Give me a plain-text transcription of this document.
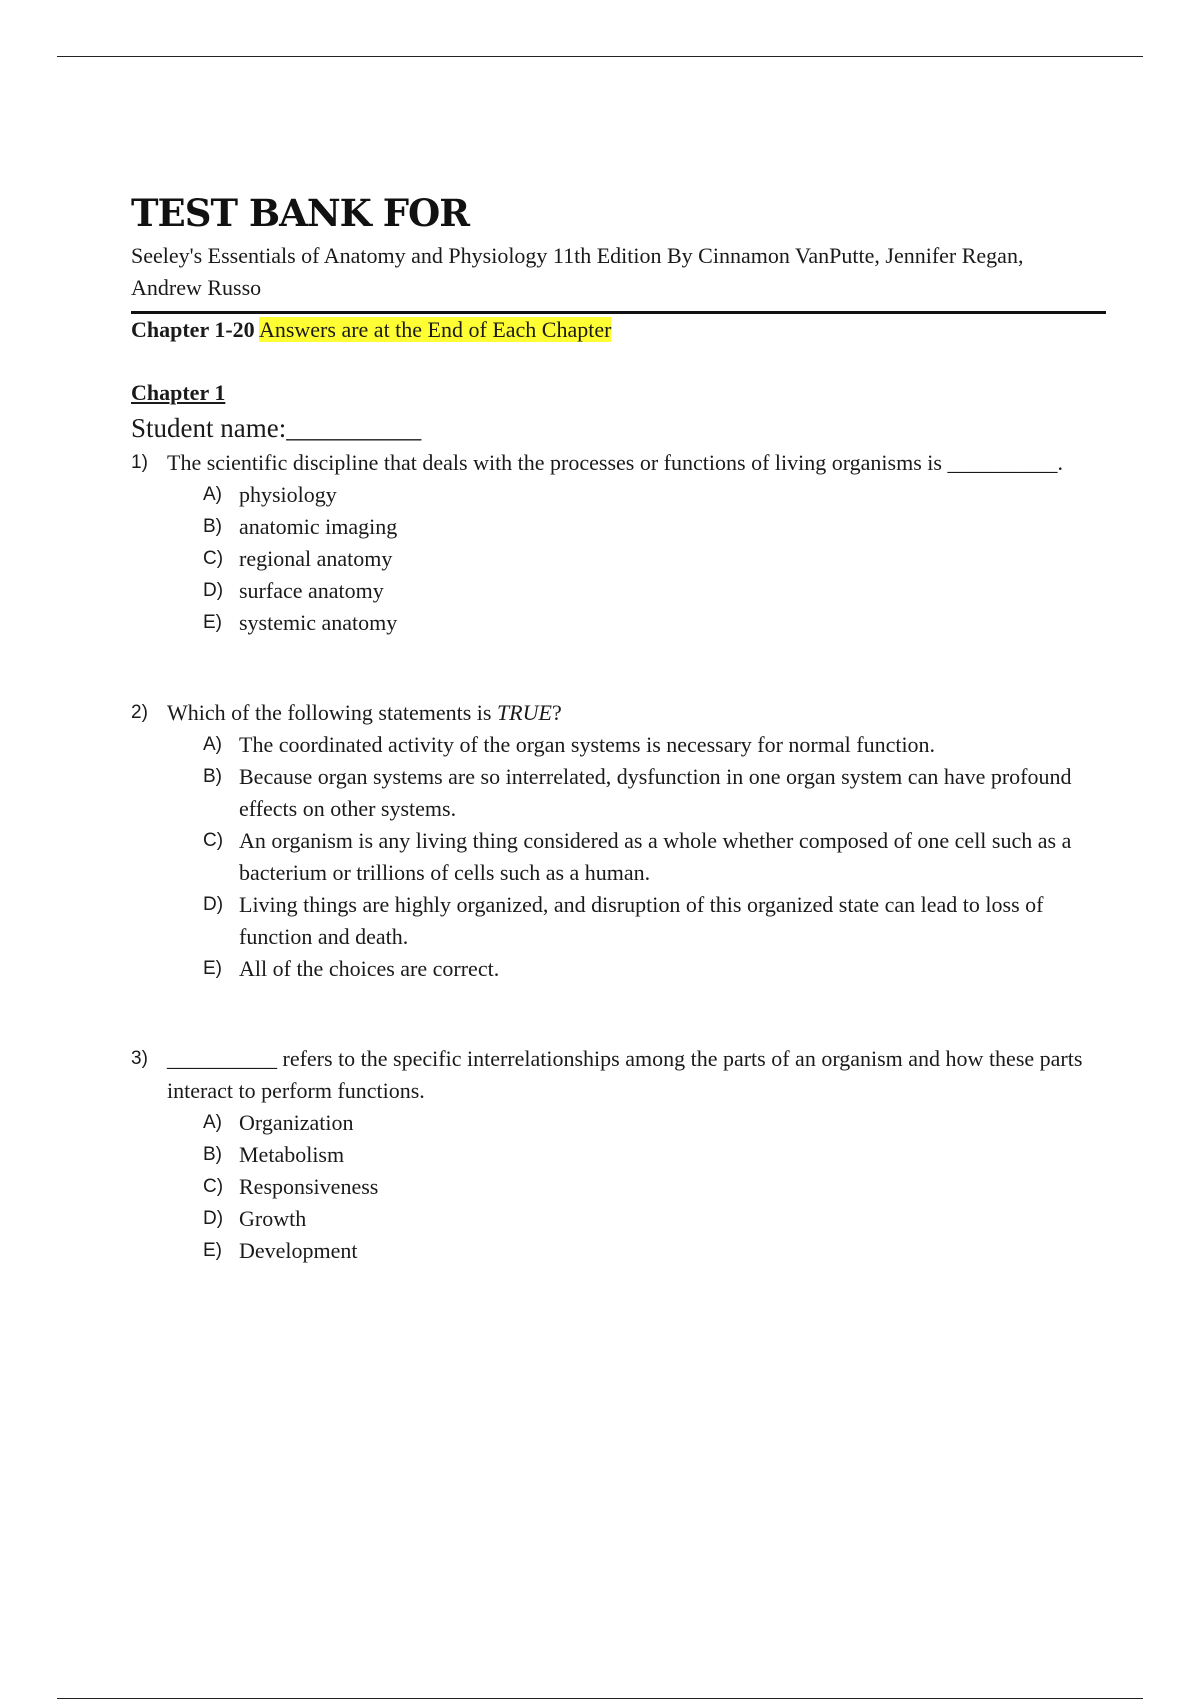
TEST BANK FOR
Seeley's Essentials of Anatomy and Physiology 11th Edition By Cinnamon VanPutte, Jennifer Regan, Andrew Russo
Chapter 1-20 Answers are at the End of Each Chapter
Chapter 1
Student name:__________
1) The scientific discipline that deals with the processes or functions of living organisms is __________.
A) physiology
B) anatomic imaging
C) regional anatomy
D) surface anatomy
E) systemic anatomy
2) Which of the following statements is TRUE?
A) The coordinated activity of the organ systems is necessary for normal function.
B) Because organ systems are so interrelated, dysfunction in one organ system can have profound effects on other systems.
C) An organism is any living thing considered as a whole whether composed of one cell such as a bacterium or trillions of cells such as a human.
D) Living things are highly organized, and disruption of this organized state can lead to loss of function and death.
E) All of the choices are correct.
3) __________ refers to the specific interrelationships among the parts of an organism and how these parts interact to perform functions.
A) Organization
B) Metabolism
C) Responsiveness
D) Growth
E) Development
